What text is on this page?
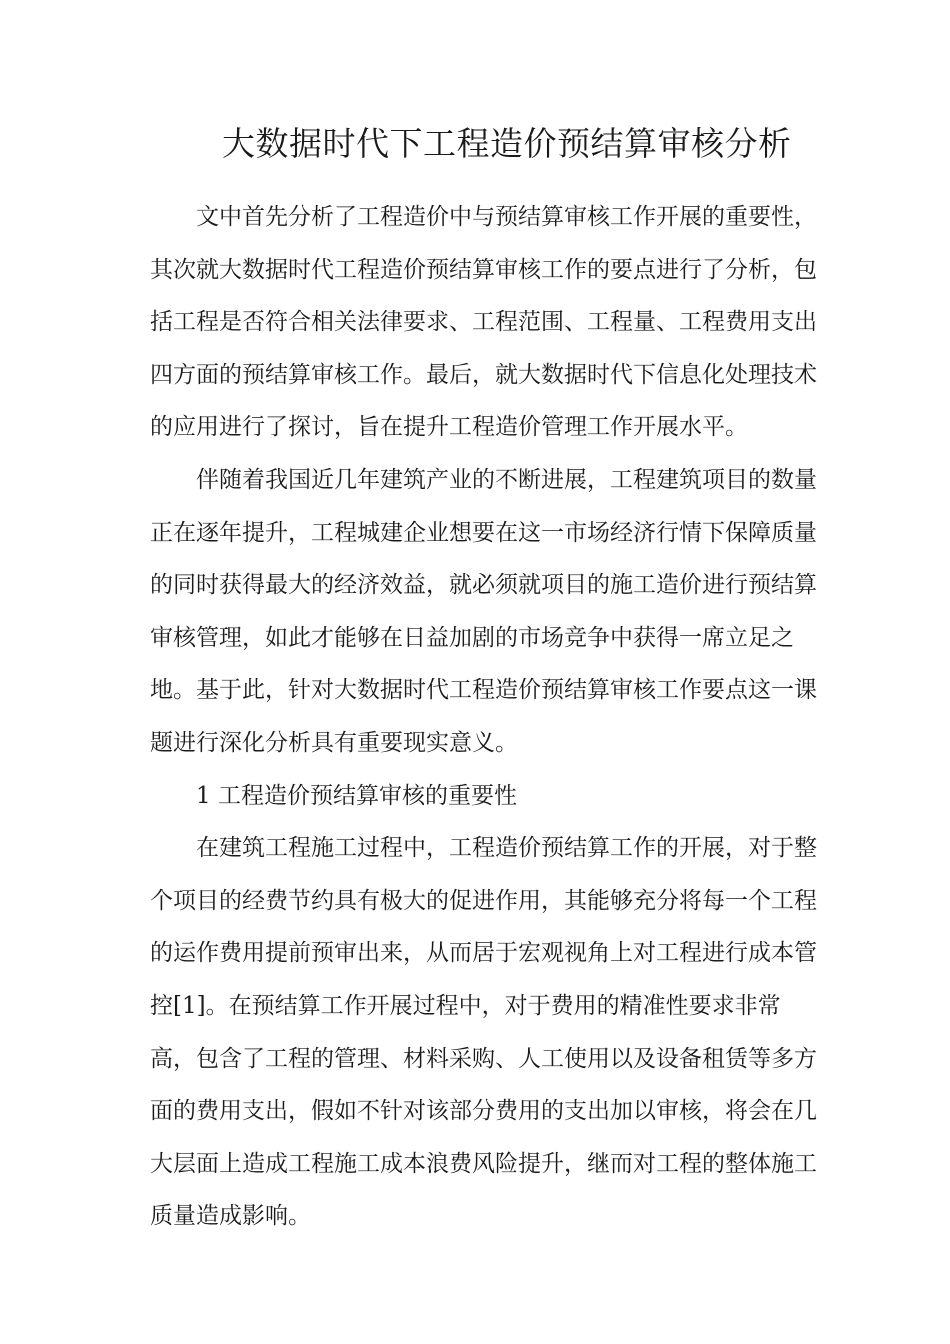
大数据时代下工程造价预结算审核分析
文中首先分析了工程造价中与预结算审核工作开展的重要性，
其次就大数据时代工程造价预结算审核工作的要点进行了分析，包
括工程是否符合相关法律要求、工程范围、工程量、工程费用支出
四方面的预结算审核工作。最后，就大数据时代下信息化处理技术
的应用进行了探讨，旨在提升工程造价管理工作开展水平。
伴随着我国近几年建筑产业的不断进展，工程建筑项目的数量
正在逐年提升，工程城建企业想要在这一市场经济行情下保障质量
的同时获得最大的经济效益，就必须就项目的施工造价进行预结算
审核管理，如此才能够在日益加剧的市场竞争中获得一席立足之
地。基于此，针对大数据时代工程造价预结算审核工作要点这一课
题进行深化分析具有重要现实意义。
1 工程造价预结算审核的重要性
在建筑工程施工过程中，工程造价预结算工作的开展，对于整
个项目的经费节约具有极大的促进作用，其能够充分将每一个工程
的运作费用提前预审出来，从而居于宏观视角上对工程进行成本管
控[1]。在预结算工作开展过程中，对于费用的精准性要求非常
高，包含了工程的管理、材料采购、人工使用以及设备租赁等多方
面的费用支出，假如不针对该部分费用的支出加以审核，将会在几
大层面上造成工程施工成本浪费风险提升，继而对工程的整体施工
质量造成影响。
